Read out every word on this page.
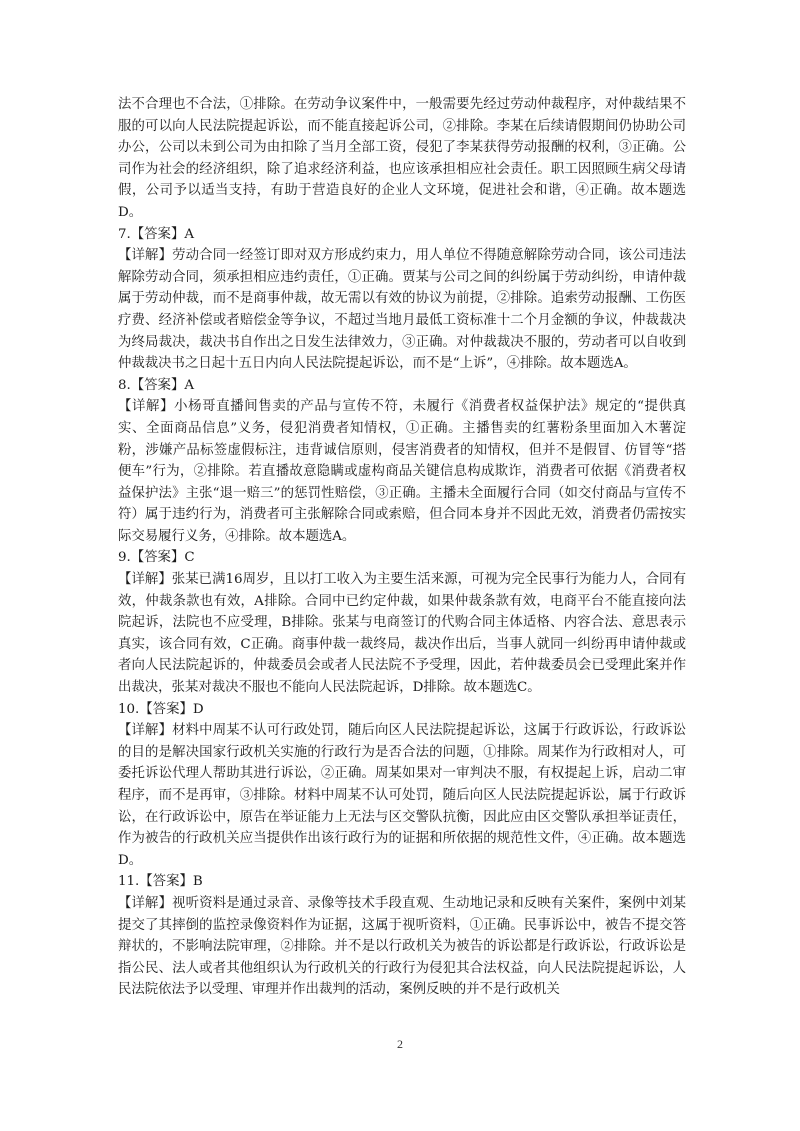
法不合理也不合法，①排除。在劳动争议案件中，一般需要先经过劳动仲裁程序，对仲裁结果不服的可以向人民法院提起诉讼，而不能直接起诉公司，②排除。李某在后续请假期间仍协助公司办公，公司以未到公司为由扣除了当月全部工资，侵犯了李某获得劳动报酬的权利，③正确。公司作为社会的经济组织，除了追求经济利益，也应该承担相应社会责任。职工因照顾生病父母请假，公司予以适当支持，有助于营造良好的企业人文环境，促进社会和谐，④正确。故本题选D。

7.【答案】A

【详解】劳动合同一经签订即对双方形成约束力，用人单位不得随意解除劳动合同，该公司违法解除劳动合同，须承担相应违约责任，①正确。贾某与公司之间的纠纷属于劳动纠纷，申请仲裁属于劳动仲裁，而不是商事仲裁，故无需以有效的协议为前提，②排除。追索劳动报酬、工伤医疗费、经济补偿或者赔偿金等争议，不超过当地月最低工资标准十二个月金额的争议，仲裁裁决为终局裁决，裁决书自作出之日发生法律效力，③正确。对仲裁裁决不服的，劳动者可以自收到仲裁裁决书之日起十五日内向人民法院提起诉讼，而不是“上诉”，④排除。故本题选A。

8.【答案】A

【详解】小杨哥直播间售卖的产品与宣传不符，未履行《消费者权益保护法》规定的“提供真实、全面商品信息”义务，侵犯消费者知情权，①正确。主播售卖的红薯粉条里面加入木薯淀粉，涉嫌产品标签虚假标注，违背诚信原则，侵害消费者的知情权，但并不是假冒、仿冒等“搭便车”行为，②排除。若直播故意隐瞒或虚构商品关键信息构成欺诈，消费者可依据《消费者权益保护法》主张“退一赔三”的惩罚性赔偿，③正确。主播未全面履行合同（如交付商品与宣传不符）属于违约行为，消费者可主张解除合同或索赔，但合同本身并不因此无效，消费者仍需按实际交易履行义务，④排除。故本题选A。

9.【答案】C

【详解】张某已满16周岁，且以打工收入为主要生活来源，可视为完全民事行为能力人，合同有效，仲裁条款也有效，A排除。合同中已约定仲裁，如果仲裁条款有效，电商平台不能直接向法院起诉，法院也不应受理，B排除。张某与电商签订的代购合同主体适格、内容合法、意思表示真实，该合同有效，C正确。商事仲裁一裁终局，裁决作出后，当事人就同一纠纷再申请仲裁或者向人民法院起诉的，仲裁委员会或者人民法院不予受理，因此，若仲裁委员会已受理此案并作出裁决，张某对裁决不服也不能向人民法院起诉，D排除。故本题选C。

10.【答案】D

【详解】材料中周某不认可行政处罚，随后向区人民法院提起诉讼，这属于行政诉讼，行政诉讼的目的是解决国家行政机关实施的行政行为是否合法的问题，①排除。周某作为行政相对人，可委托诉讼代理人帮助其进行诉讼，②正确。周某如果对一审判决不服，有权提起上诉，启动二审程序，而不是再审，③排除。材料中周某不认可处罚，随后向区人民法院提起诉讼，属于行政诉讼，在行政诉讼中，原告在举证能力上无法与区交警队抗衡，因此应由区交警队承担举证责任，作为被告的行政机关应当提供作出该行政行为的证据和所依据的规范性文件，④正确。故本题选D。

11.【答案】B

【详解】视听资料是通过录音、录像等技术手段直观、生动地记录和反映有关案件，案例中刘某提交了其摔倒的监控录像资料作为证据，这属于视听资料，①正确。民事诉讼中，被告不提交答辩状的，不影响法院审理，②排除。并不是以行政机关为被告的诉讼都是行政诉讼，行政诉讼是指公民、法人或者其他组织认为行政机关的行政行为侵犯其合法权益，向人民法院提起诉讼，人民法院依法予以受理、审理并作出裁判的活动，案例反映的并不是行政机关

2
